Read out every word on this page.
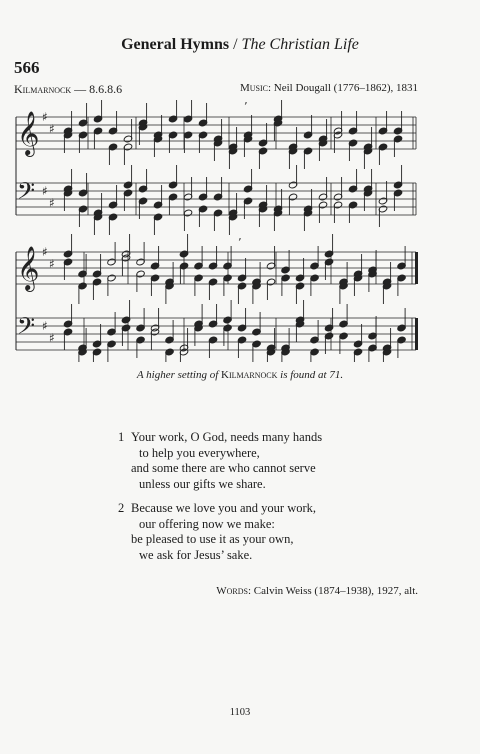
General Hymns / The Christian Life
566
Kilmarnock — 8.6.8.6	Music: Neil Dougall (1776–1862), 1831
𝄞 ♯
♯
𝄢 ♯
♯
𝄞 ♯
♯
𝄢 ♯
♯
’
’
A higher setting of Kilmarnock is found at 71.
1 Your work, O God, needs many hands
to help you everywhere,
and some there are who cannot serve
unless our gifts we share.
2 Because we love you and your work,
our offering now we make:
be pleased to use it as your own,
we ask for Jesus’ sake.
Words: Calvin Weiss (1874–1938), 1927, alt.
1103
